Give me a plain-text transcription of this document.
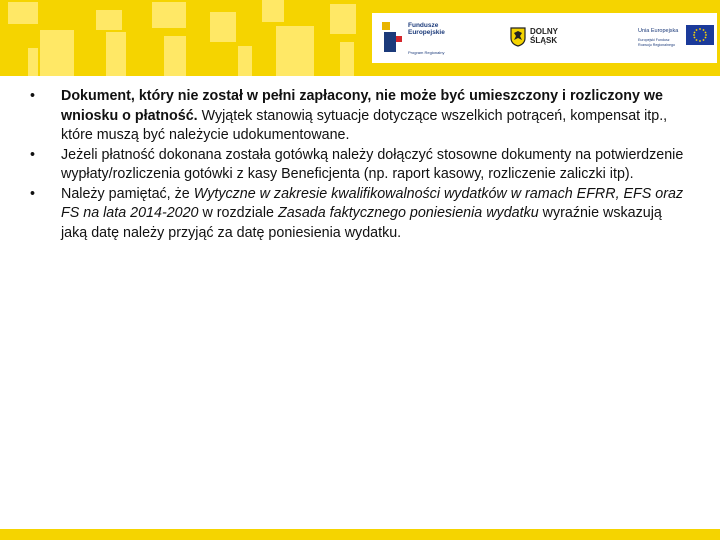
Fundusze
Europejskie
Program Regionalny
DOLNY
ŚLĄSK
Unia Europejska
Europejski Fundusz
Rozwoju Regionalnego
•	Dokument, który nie został w pełni zapłacony, nie może być umieszczony i rozliczony we wniosku o płatność. Wyjątek stanowią sytuacje dotyczące wszelkich potrąceń, kompensat itp., które muszą być należycie udokumentowane.
•	Jeżeli płatność dokonana została gotówką należy dołączyć stosowne dokumenty na potwierdzenie wypłaty/rozliczenia gotówki z kasy Beneficjenta (np. raport kasowy, rozliczenie zaliczki itp).
•	Należy pamiętać, że Wytyczne w zakresie kwalifikowalności wydatków w ramach EFRR, EFS oraz FS na lata 2014-2020 w rozdziale Zasada faktycznego poniesienia wydatku wyraźnie wskazują jaką datę należy przyjąć za datę poniesienia wydatku.
